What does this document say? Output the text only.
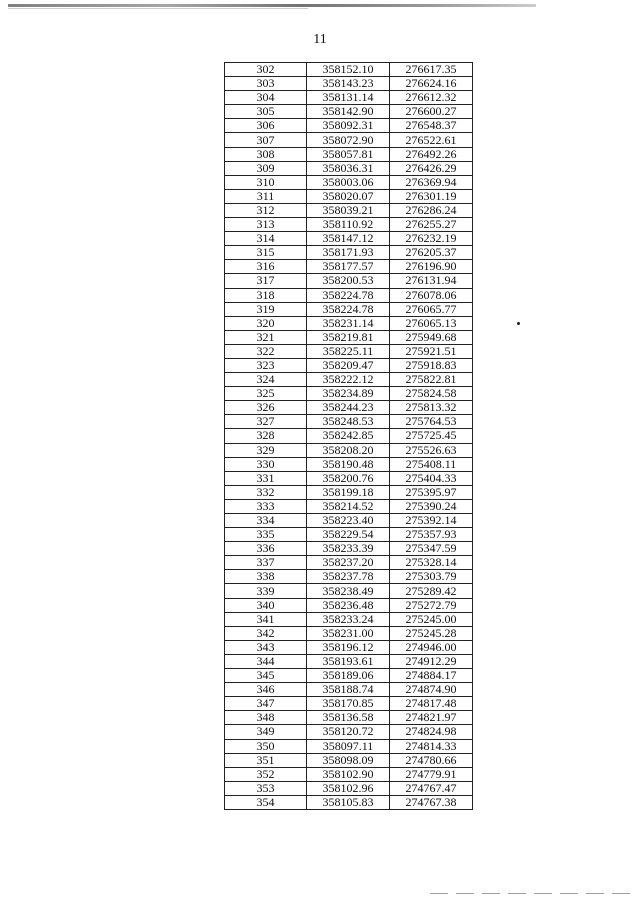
11
302	358152.10	276617.35
303	358143.23	276624.16
304	358131.14	276612.32
305	358142.90	276600.27
306	358092.31	276548.37
307	358072.90	276522.61
308	358057.81	276492.26
309	358036.31	276426.29
310	358003.06	276369.94
311	358020.07	276301.19
312	358039.21	276286.24
313	358110.92	276255.27
314	358147.12	276232.19
315	358171.93	276205.37
316	358177.57	276196.90
317	358200.53	276131.94
318	358224.78	276078.06
319	358224.78	276065.77
320	358231.14	276065.13
321	358219.81	275949.68
322	358225.11	275921.51
323	358209.47	275918.83
324	358222.12	275822.81
325	358234.89	275824.58
326	358244.23	275813.32
327	358248.53	275764.53
328	358242.85	275725.45
329	358208.20	275526.63
330	358190.48	275408.11
331	358200.76	275404.33
332	358199.18	275395.97
333	358214.52	275390.24
334	358223.40	275392.14
335	358229.54	275357.93
336	358233.39	275347.59
337	358237.20	275328.14
338	358237.78	275303.79
339	358238.49	275289.42
340	358236.48	275272.79
341	358233.24	275245.00
342	358231.00	275245.28
343	358196.12	274946.00
344	358193.61	274912.29
345	358189.06	274884.17
346	358188.74	274874.90
347	358170.85	274817.48
348	358136.58	274821.97
349	358120.72	274824.98
350	358097.11	274814.33
351	358098.09	274780.66
352	358102.90	274779.91
353	358102.96	274767.47
354	358105.83	274767.38
